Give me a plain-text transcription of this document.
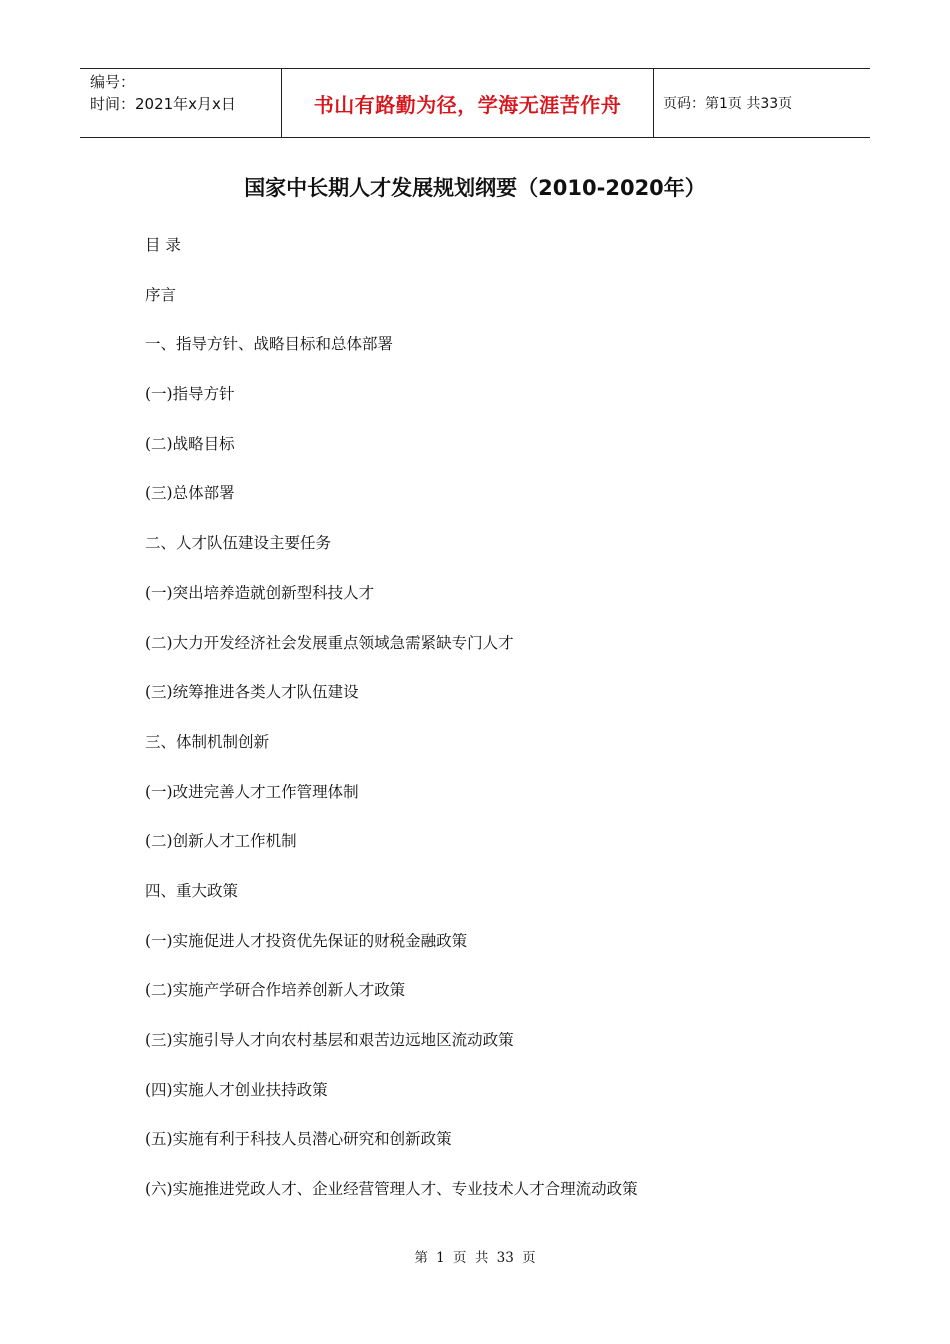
编号：
时间：2021年x月x日	书山有路勤为径，学海无涯苦作舟	页码：第1页 共33页
国家中长期人才发展规划纲要（2010-2020年）
目 录
序言
一、指导方针、战略目标和总体部署
(一)指导方针
(二)战略目标
(三)总体部署
二、人才队伍建设主要任务
(一)突出培养造就创新型科技人才
(二)大力开发经济社会发展重点领域急需紧缺专门人才
(三)统筹推进各类人才队伍建设
三、体制机制创新
(一)改进完善人才工作管理体制
(二)创新人才工作机制
四、重大政策
(一)实施促进人才投资优先保证的财税金融政策
(二)实施产学研合作培养创新人才政策
(三)实施引导人才向农村基层和艰苦边远地区流动政策
(四)实施人才创业扶持政策
(五)实施有利于科技人员潜心研究和创新政策
(六)实施推进党政人才、企业经营管理人才、专业技术人才合理流动政策
第 1 页 共 33 页
